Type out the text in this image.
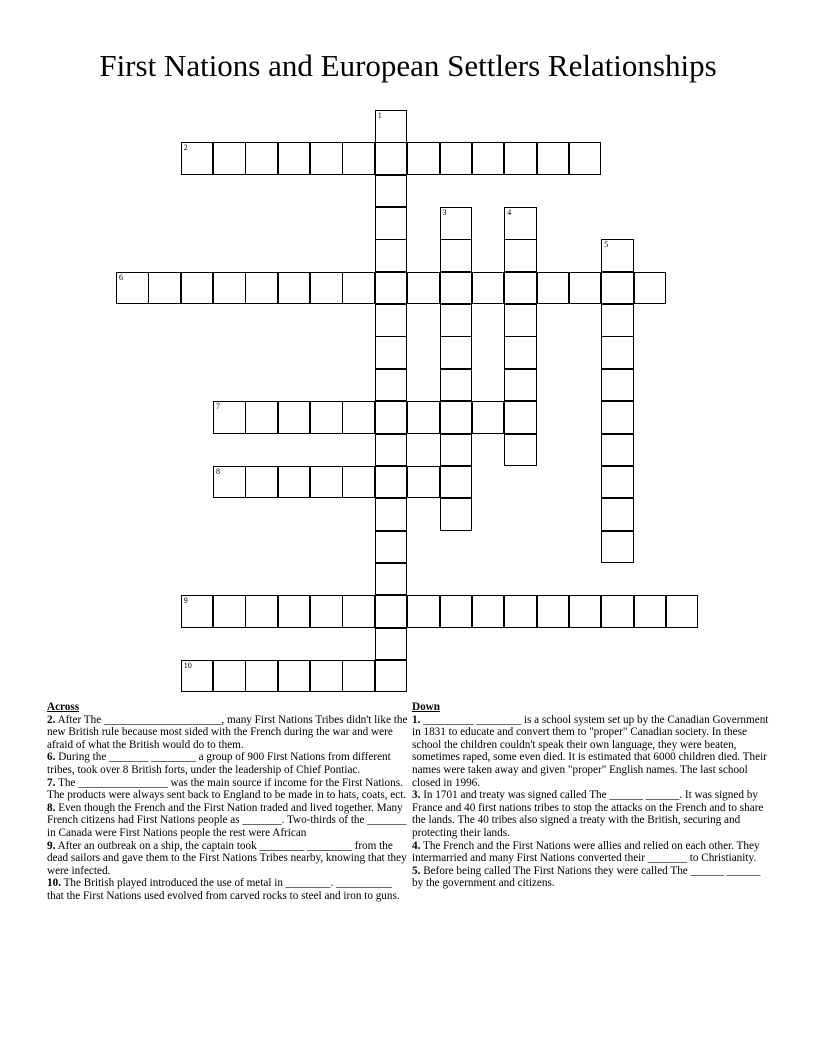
First Nations and European Settlers Relationships
1
2
3	4
5
6
7
8
9
10

Across

2. After The _____________________, many First Nations Tribes didn't like the new British rule because most sided with the French during the war and were afraid of what the British would do to them.

6. During the _______ ________ a group of 900 First Nations from different tribes, took over 8 British forts, under the leadership of Chief Pontiac.

7. The ________________ was the main source if income for the First Nations. The products were always sent back to England to be made in to hats, coats, ect.

8. Even though the French and the First Nation traded and lived together. Many French citizens had First Nations people as _______. Two-thirds of the _______ in Canada were First Nations people the rest were African

9. After an outbreak on a ship, the captain took ________ ________ from the dead sailors and gave them to the First Nations Tribes nearby, knowing that they were infected.

10. The British played introduced the use of metal in ________. __________ that the First Nations used evolved from carved rocks to steel and iron to guns.

Down

1. _________ ________ is a school system set up by the Canadian Government in 1831 to educate and convert them to "proper" Canadian society. In these school the children couldn't speak their own language, they were beaten, sometimes raped, some even died. It is estimated that 6000 children died. Their names were taken away and given "proper" English names. The last school closed in 1996.

3. In 1701 and treaty was signed called The ______ ______. It was signed by France and 40 first nations tribes to stop the attacks on the French and to share the lands. The 40 tribes also signed a treaty with the British, securing and protecting their lands.

4. The French and the First Nations were allies and relied on each other. They intermarried and many First Nations converted their _______ to Christianity.

5. Before being called The First Nations they were called The ______ ______ by the government and citizens.
